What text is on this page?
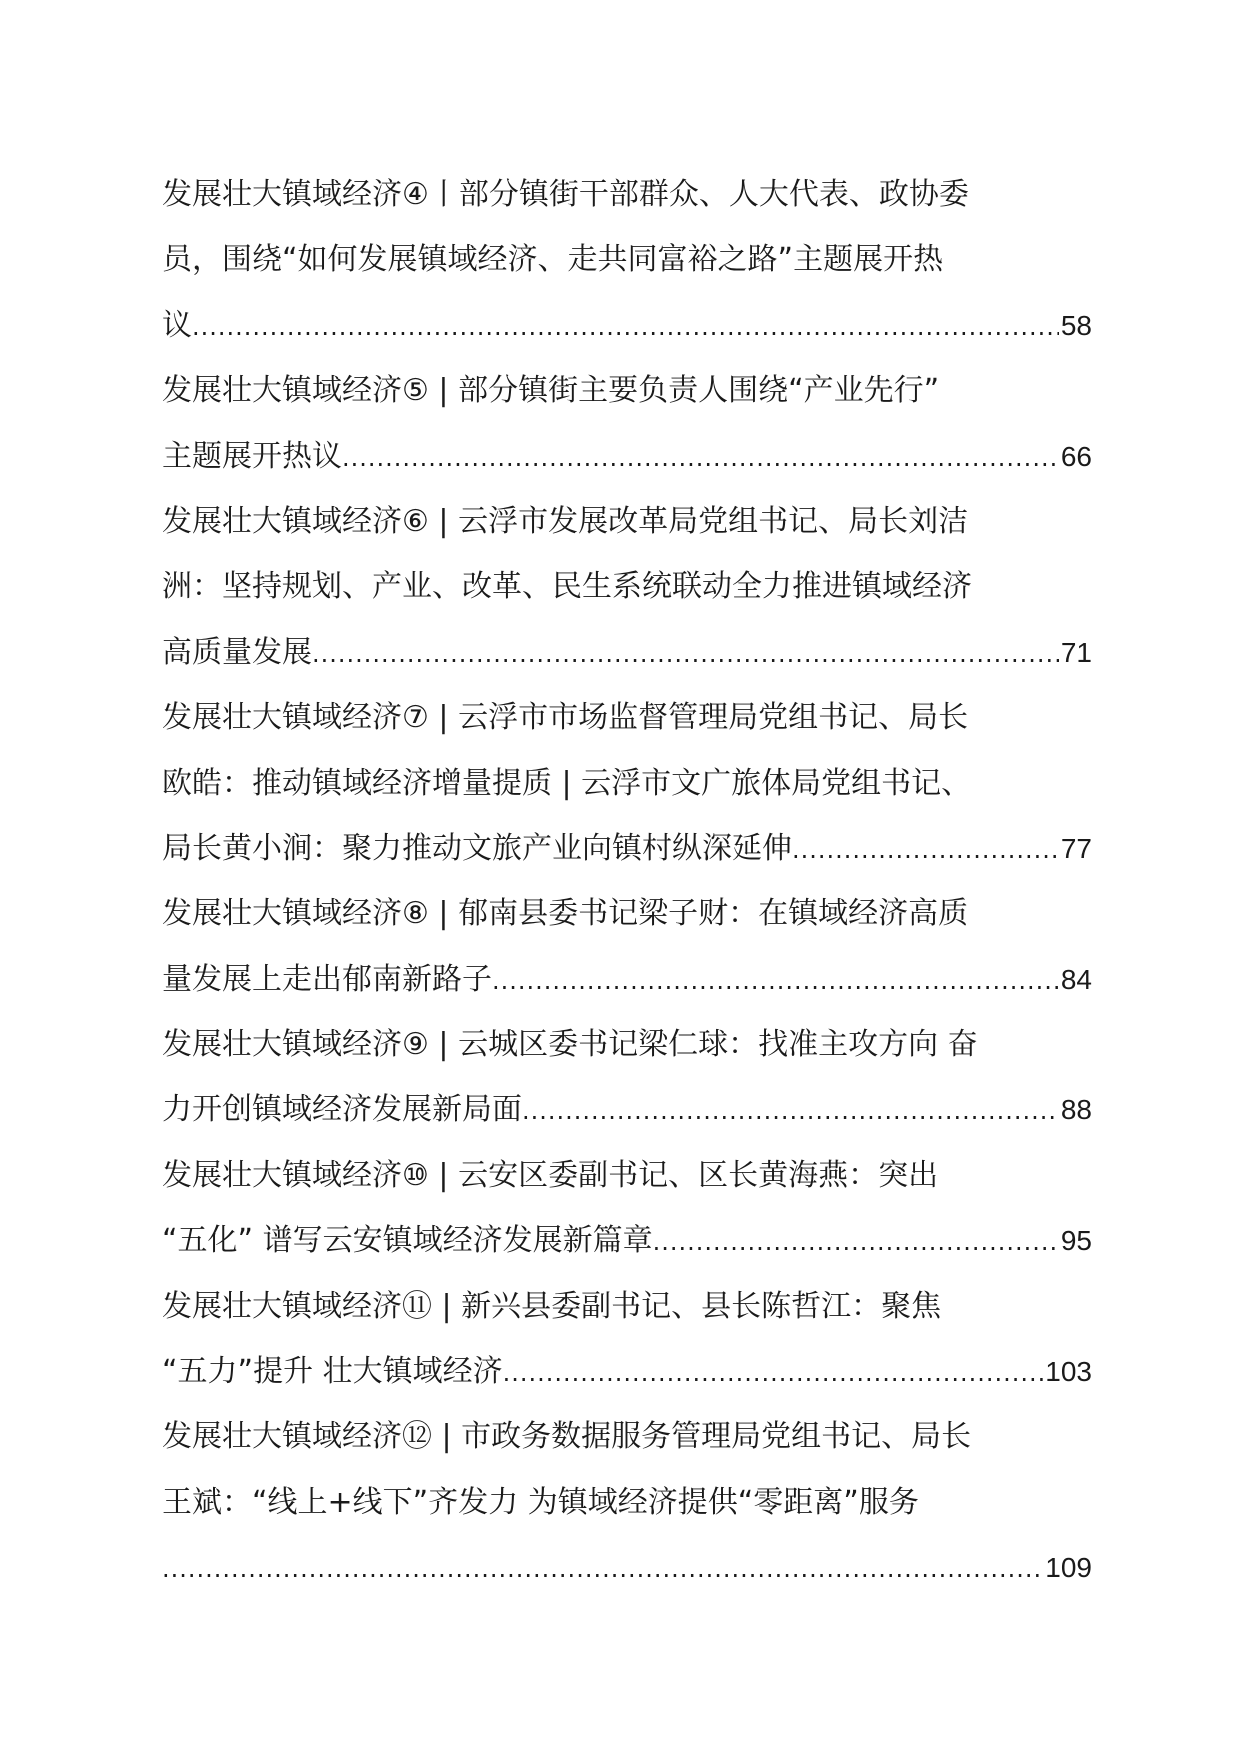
发展壮大镇域经济④丨部分镇街干部群众、人大代表、政协委
员，围绕“如何发展镇域经济、走共同富裕之路”主题展开热
议 .....	58
发展壮大镇域经济⑤ | 部分镇街主要负责人围绕“产业先行”
主题展开热议 .....	66
发展壮大镇域经济⑥ | 云浮市发展改革局党组书记、局长刘洁
洲：坚持规划、产业、改革、民生系统联动全力推进镇域经济
高质量发展 .....	71
发展壮大镇域经济⑦ | 云浮市市场监督管理局党组书记、局长
欧皓：推动镇域经济增量提质 | 云浮市文广旅体局党组书记、
局长黄小涧：聚力推动文旅产业向镇村纵深延伸 .....	77
发展壮大镇域经济⑧ | 郁南县委书记梁子财：在镇域经济高质
量发展上走出郁南新路子 .....	84
发展壮大镇域经济⑨ | 云城区委书记梁仁球：找准主攻方向 奋
力开创镇域经济发展新局面 .....	88
发展壮大镇域经济⑩ | 云安区委副书记、区长黄海燕：突出
“五化” 谱写云安镇域经济发展新篇章 .....	95
发展壮大镇域经济⑪ | 新兴县委副书记、县长陈哲江：聚焦
“五力”提升 壮大镇域经济 .....	103
发展壮大镇域经济⑫ | 市政务数据服务管理局党组书记、局长
王斌：“线上+线下”齐发力 为镇域经济提供“零距离”服务
.....
109
